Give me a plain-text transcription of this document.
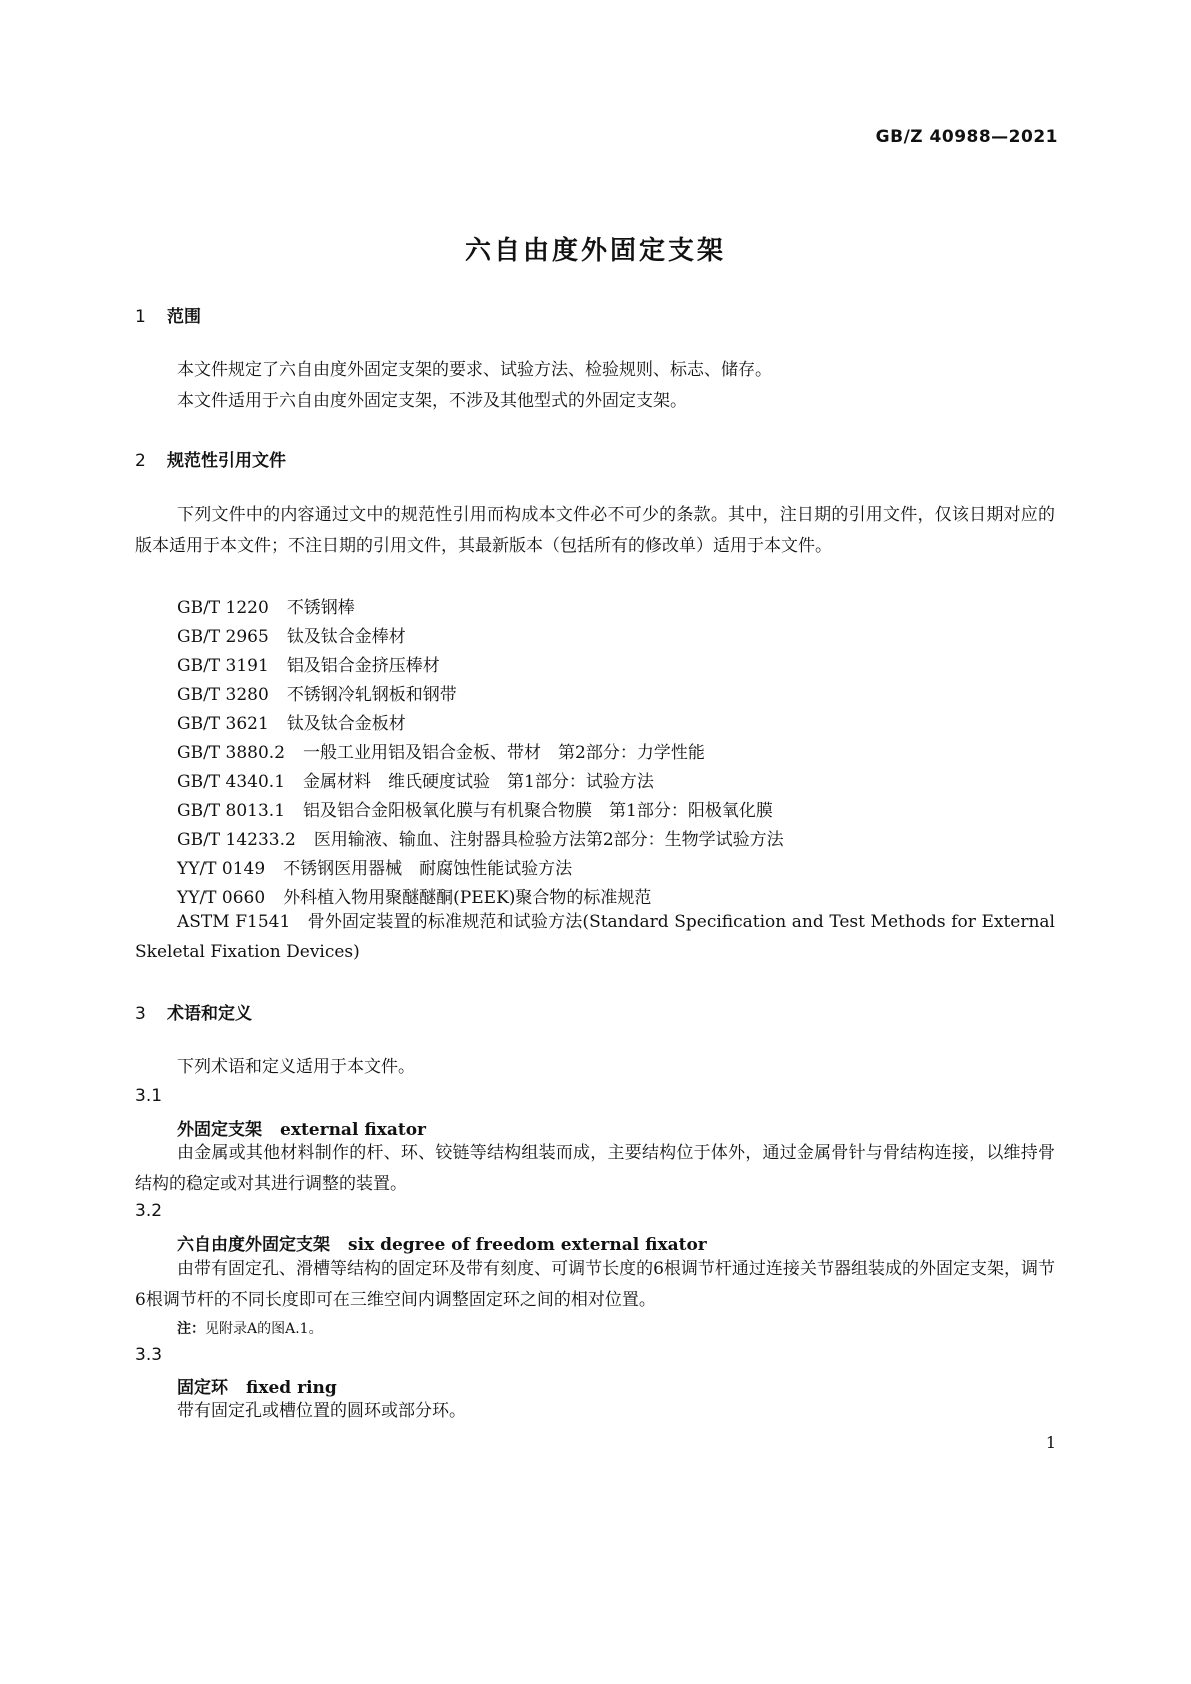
GB/Z 40988—2021
六自由度外固定支架
1 范围
本文件规定了六自由度外固定支架的要求、试验方法、检验规则、标志、储存。
本文件适用于六自由度外固定支架，不涉及其他型式的外固定支架。
2 规范性引用文件
下列文件中的内容通过文中的规范性引用而构成本文件必不可少的条款。其中，注日期的引用文件，仅该日期对应的版本适用于本文件；不注日期的引用文件，其最新版本（包括所有的修改单）适用于本文件。
GB/T 1220 不锈钢棒
GB/T 2965 钛及钛合金棒材
GB/T 3191 铝及铝合金挤压棒材
GB/T 3280 不锈钢冷轧钢板和钢带
GB/T 3621 钛及钛合金板材
GB/T 3880.2 一般工业用铝及铝合金板、带材　第2部分：力学性能
GB/T 4340.1 金属材料　维氏硬度试验　第1部分：试验方法
GB/T 8013.1 铝及铝合金阳极氧化膜与有机聚合物膜　第1部分：阳极氧化膜
GB/T 14233.2 医用输液、输血、注射器具检验方法第2部分：生物学试验方法
YY/T 0149 不锈钢医用器械　耐腐蚀性能试验方法
YY/T 0660 外科植入物用聚醚醚酮(PEEK)聚合物的标准规范
ASTM F1541　骨外固定装置的标准规范和试验方法(Standard Specification and Test Methods for External Skeletal Fixation Devices)
3 术语和定义
下列术语和定义适用于本文件。
3.1
外固定支架 external fixator
由金属或其他材料制作的杆、环、铰链等结构组装而成，主要结构位于体外，通过金属骨针与骨结构连接，以维持骨结构的稳定或对其进行调整的装置。
3.2
六自由度外固定支架 six degree of freedom external fixator
由带有固定孔、滑槽等结构的固定环及带有刻度、可调节长度的6根调节杆通过连接关节器组装成的外固定支架，调节6根调节杆的不同长度即可在三维空间内调整固定环之间的相对位置。
注：见附录A的图A.1。
3.3
固定环 fixed ring
带有固定孔或槽位置的圆环或部分环。
1
